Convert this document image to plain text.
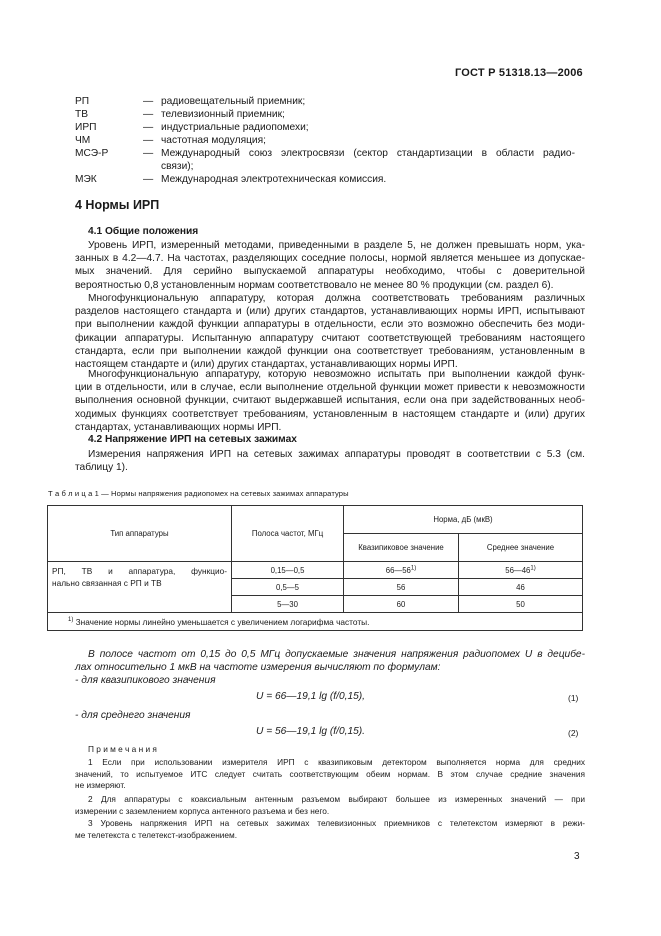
ГОСТ Р 51318.13—2006
РП	— радиовещательный приемник;
ТВ	— телевизионный приемник;
ИРП	— индустриальные радиопомехи;
ЧМ	— частотная модуляция;
МСЭ-Р	— Международный союз электросвязи (сектор стандартизации в области радио-
связи);
МЭК	— Международная электротехническая комиссия.
4 Нормы ИРП
4.1 Общие положения
Уровень ИРП, измеренный методами, приведенными в разделе 5, не должен превышать норм, ука-
занных в 4.2—4.7. На частотах, разделяющих соседние полосы, нормой является меньшее из допускае-
мых значений. Для серийно выпускаемой аппаратуры необходимо, чтобы с доверительной
вероятностью 0,8 установленным нормам соответствовало не менее 80 % продукции (см. раздел 6).
Многофункциональную аппаратуру, которая должна соответствовать требованиям различных
разделов настоящего стандарта и (или) других стандартов, устанавливающих нормы ИРП, испытывают
при выполнении каждой функции аппаратуры в отдельности, если это возможно обеспечить без моди-
фикации аппаратуры. Испытанную аппаратуру считают соответствующей требованиям настоящего
стандарта, если при выполнении каждой функции она соответствует требованиям, установленным в
настоящем стандарте и (или) других стандартах, устанавливающих нормы ИРП.
Многофункциональную аппаратуру, которую невозможно испытать при выполнении каждой функ-
ции в отдельности, или в случае, если выполнение отдельной функции может привести к невозможности
выполнения основной функции, считают выдержавшей испытания, если она при задействованных необ-
ходимых функциях соответствует требованиям, установленным в настоящем стандарте и (или) других
стандартах, устанавливающих нормы ИРП.
4.2 Напряжение ИРП на сетевых зажимах
Измерения напряжения ИРП на сетевых зажимах аппаратуры проводят в соответствии с 5.3 (см.
таблицу 1).
Т а б л и ц а 1 — Нормы напряжения радиопомех на сетевых зажимах аппаратуры
Тип аппаратуры	Полоса частот, МГц	Норма, дБ (мкВ)	
		Квазипиковое значение	Среднее значение

РП, ТВ и аппаратура, функцио-
нально связанная с РП и ТВ	0,15—0,5	66—56$^{1)}$	56—46$^{1)}$
	0,5—5	56	46
	5—30	60	50
$^{1)}$ Значение нормы линейно уменьшается с увеличением логарифма частоты.			
В полосе частот от 0,15 до 0,5 МГц допускаемые значения напряжения радиопомех U в децибе-
лах относительно 1 мкВ на частоте измерения вычисляют по формулам:
- для квазипикового значения
U = 66—19,1 lg (f/0,15),	(1)
- для среднего значения
U = 56—19,1 lg (f/0,15).	(2)
П р и м е ч а н и я
1 Если при использовании измерителя ИРП с квазипиковым детектором выполняется норма для средних
значений, то испытуемое ИТС следует считать соответствующим обеим нормам. В этом случае средние значения
не измеряют.
2 Для аппаратуры с коаксиальным антенным разъемом выбирают большее из измеренных значений — при
измерении с заземлением корпуса антенного разъема и без него.
3 Уровень напряжения ИРП на сетевых зажимах телевизионных приемников с телетекстом измеряют в режи-
ме телетекста с телетекст-изображением.
3
